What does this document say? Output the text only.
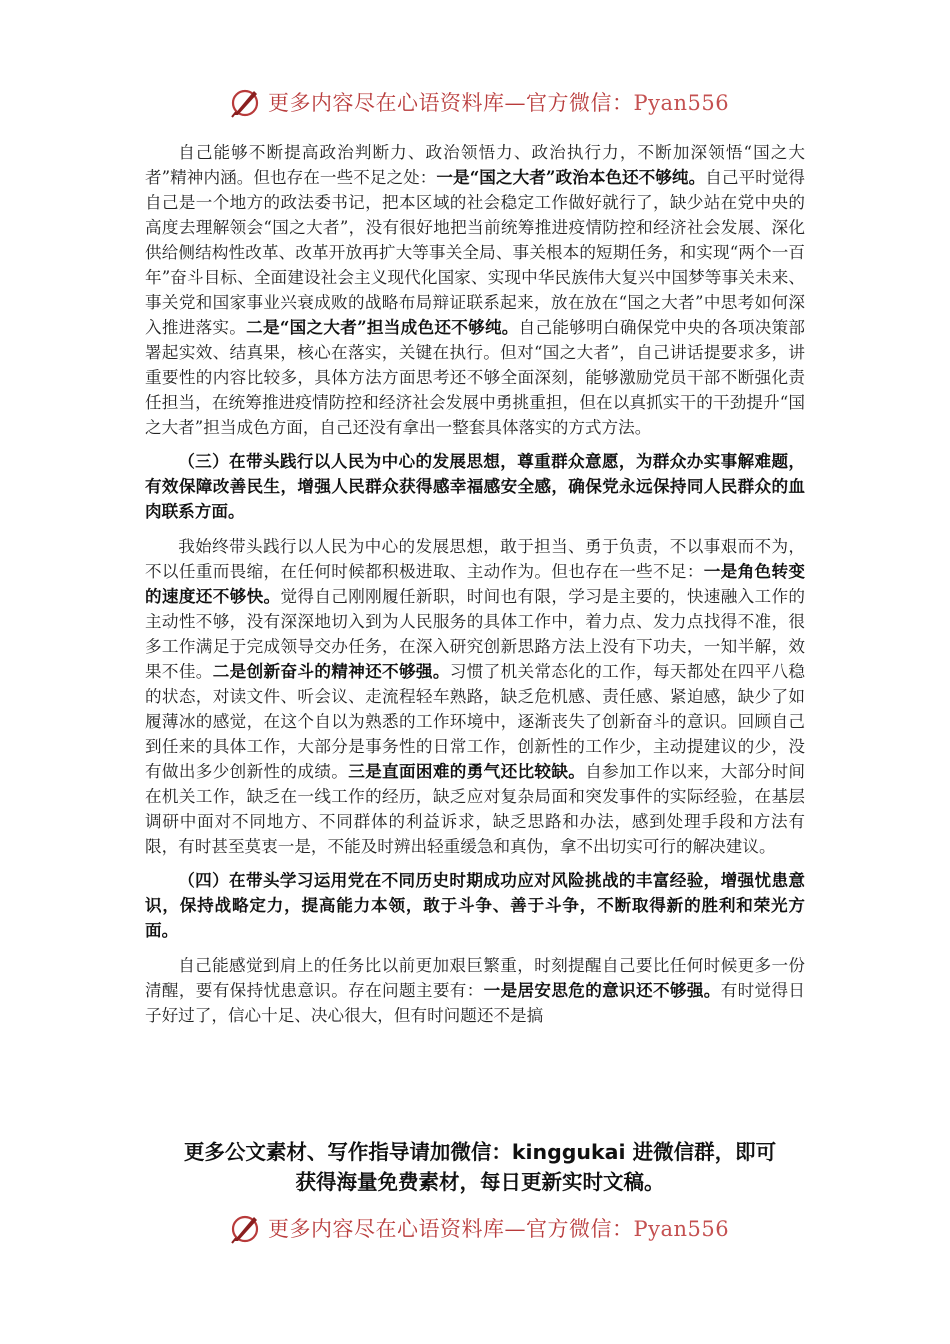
更多内容尽在心语资料库—官方微信：Pyan556

自己能够不断提高政治判断力、政治领悟力、政治执行力，不断加深领悟“国之大者”精神内涵。但也存在一些不足之处：一是“国之大者”政治本色还不够纯。自己平时觉得自己是一个地方的政法委书记，把本区域的社会稳定工作做好就行了，缺少站在党中央的高度去理解领会“国之大者”，没有很好地把当前统筹推进疫情防控和经济社会发展、深化供给侧结构性改革、改革开放再扩大等事关全局、事关根本的短期任务，和实现“两个一百年”奋斗目标、全面建设社会主义现代化国家、实现中华民族伟大复兴中国梦等事关未来、事关党和国家事业兴衰成败的战略布局辩证联系起来，放在放在“国之大者”中思考如何深入推进落实。二是“国之大者”担当成色还不够纯。自己能够明白确保党中央的各项决策部署起实效、结真果，核心在落实，关键在执行。但对“国之大者”，自己讲话提要求多，讲重要性的内容比较多，具体方法方面思考还不够全面深刻，能够激励党员干部不断强化责任担当，在统筹推进疫情防控和经济社会发展中勇挑重担，但在以真抓实干的干劲提升“国之大者”担当成色方面，自己还没有拿出一整套具体落实的方式方法。

（三）在带头践行以人民为中心的发展思想，尊重群众意愿，为群众办实事解难题，有效保障改善民生，增强人民群众获得感幸福感安全感，确保党永远保持同人民群众的血肉联系方面。

我始终带头践行以人民为中心的发展思想，敢于担当、勇于负责，不以事艰而不为，不以任重而畏缩，在任何时候都积极进取、主动作为。但也存在一些不足：一是角色转变的速度还不够快。觉得自己刚刚履任新职，时间也有限，学习是主要的，快速融入工作的主动性不够，没有深深地切入到为人民服务的具体工作中，着力点、发力点找得不准，很多工作满足于完成领导交办任务，在深入研究创新思路方法上没有下功夫，一知半解，效果不佳。二是创新奋斗的精神还不够强。习惯了机关常态化的工作，每天都处在四平八稳的状态，对读文件、听会议、走流程轻车熟路，缺乏危机感、责任感、紧迫感，缺少了如履薄冰的感觉，在这个自以为熟悉的工作环境中，逐渐丧失了创新奋斗的意识。回顾自己到任来的具体工作，大部分是事务性的日常工作，创新性的工作少，主动提建议的少，没有做出多少创新性的成绩。三是直面困难的勇气还比较缺。自参加工作以来，大部分时间在机关工作，缺乏在一线工作的经历，缺乏应对复杂局面和突发事件的实际经验，在基层调研中面对不同地方、不同群体的利益诉求，缺乏思路和办法，感到处理手段和方法有限，有时甚至莫衷一是，不能及时辨出轻重缓急和真伪，拿不出切实可行的解决建议。

（四）在带头学习运用党在不同历史时期成功应对风险挑战的丰富经验，增强忧患意识，保持战略定力，提高能力本领，敢于斗争、善于斗争，不断取得新的胜利和荣光方面。

自己能感觉到肩上的任务比以前更加艰巨繁重，时刻提醒自己要比任何时候更多一份清醒，要有保持忧患意识。存在问题主要有：一是居安思危的意识还不够强。有时觉得日子好过了，信心十足、决心很大，但有时问题还不是搞

更多公文素材、写作指导请加微信：kinggukai 进微信群，即可
获得海量免费素材，每日更新实时文稿。
更多内容尽在心语资料库—官方微信：Pyan556
